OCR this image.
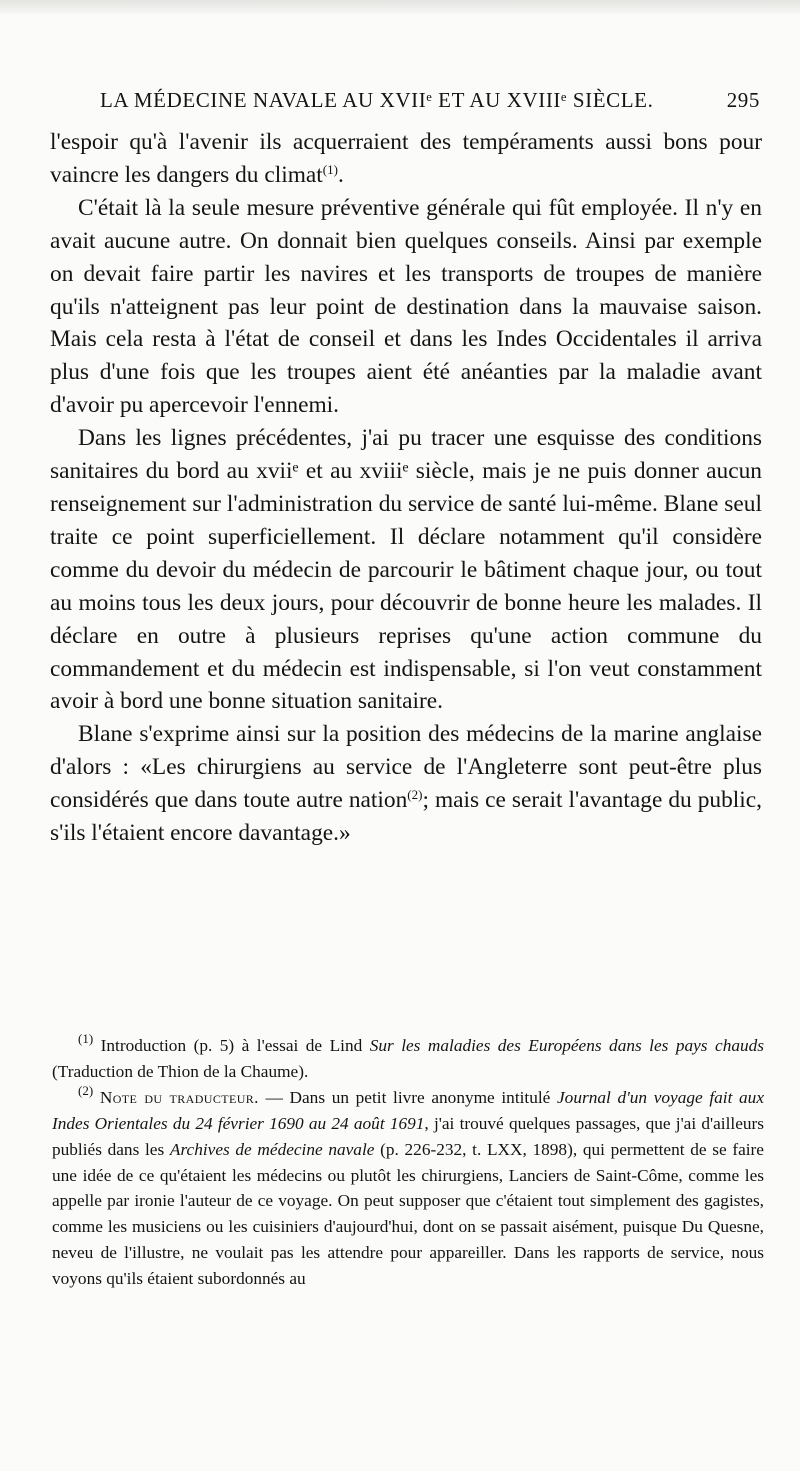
LA MÉDECINE NAVALE AU XVIIᵉ ET AU XVIIIᵉ SIÈCLE.	295

l'espoir qu'à l'avenir ils acquerraient des tempéraments aussi bons pour vaincre les dangers du climat$^{(1)}$.

C'était là la seule mesure préventive générale qui fût employée. Il n'y en avait aucune autre. On donnait bien quelques conseils. Ainsi par exemple on devait faire partir les navires et les transports de troupes de manière qu'ils n'atteignent pas leur point de destination dans la mauvaise saison. Mais cela resta à l'état de conseil et dans les Indes Occidentales il arriva plus d'une fois que les troupes aient été anéanties par la maladie avant d'avoir pu apercevoir l'ennemi.

Dans les lignes précédentes, j'ai pu tracer une esquisse des conditions sanitaires du bord au xviiᵉ et au xviiiᵉ siècle, mais je ne puis donner aucun renseignement sur l'administration du service de santé lui-même. Blane seul traite ce point superficiellement. Il déclare notamment qu'il considère comme du devoir du médecin de parcourir le bâtiment chaque jour, ou tout au moins tous les deux jours, pour découvrir de bonne heure les malades. Il déclare en outre à plusieurs reprises qu'une action commune du commandement et du médecin est indispensable, si l'on veut constamment avoir à bord une bonne situation sanitaire.

Blane s'exprime ainsi sur la position des médecins de la marine anglaise d'alors : «Les chirurgiens au service de l'Angleterre sont peut-être plus considérés que dans toute autre nation$^{(2)}$; mais ce serait l'avantage du public, s'ils l'étaient encore davantage.»

$^{(1)}$ Introduction (p. 5) à l'essai de Lind Sur les maladies des Européens dans les pays chauds (Traduction de Thion de la Chaume).

$^{(2)}$ Note du traducteur. — Dans un petit livre anonyme intitulé Journal d'un voyage fait aux Indes Orientales du 24 février 1690 au 24 août 1691, j'ai trouvé quelques passages, que j'ai d'ailleurs publiés dans les Archives de médecine navale (p. 226-232, t. LXX, 1898), qui permettent de se faire une idée de ce qu'étaient les médecins ou plutôt les chirurgiens, Lanciers de Saint-Côme, comme les appelle par ironie l'auteur de ce voyage. On peut supposer que c'étaient tout simplement des gagistes, comme les musiciens ou les cuisiniers d'aujourd'hui, dont on se passait aisément, puisque Du Quesne, neveu de l'illustre, ne voulait pas les attendre pour appareiller. Dans les rapports de service, nous voyons qu'ils étaient subordonnés au
